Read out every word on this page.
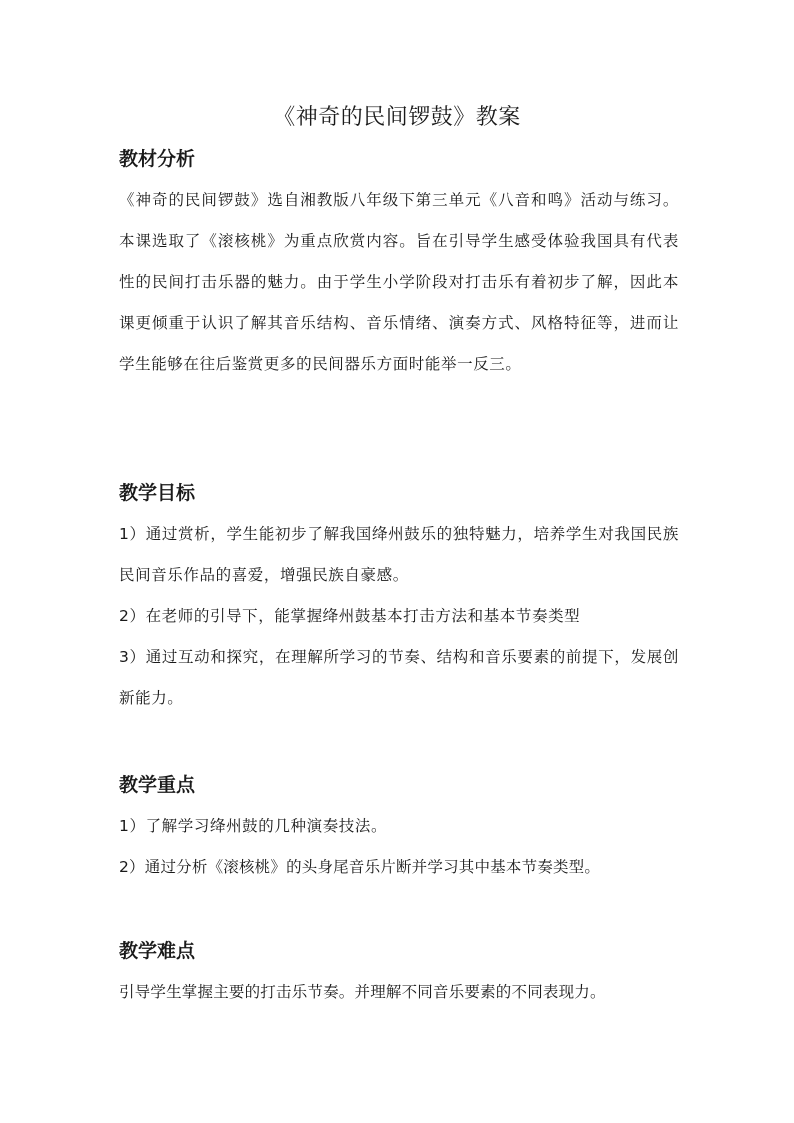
《神奇的民间锣鼓》教案
教材分析

《神奇的民间锣鼓》选自湘教版八年级下第三单元《八音和鸣》活动与练习。本课选取了《滚核桃》为重点欣赏内容。旨在引导学生感受体验我国具有代表性的民间打击乐器的魅力。由于学生小学阶段对打击乐有着初步了解，因此本课更倾重于认识了解其音乐结构、音乐情绪、演奏方式、风格特征等，进而让学生能够在往后鉴赏更多的民间器乐方面时能举一反三。

教学目标

1）通过赏析，学生能初步了解我国绛州鼓乐的独特魅力，培养学生对我国民族民间音乐作品的喜爱，增强民族自豪感。

2）在老师的引导下，能掌握绛州鼓基本打击方法和基本节奏类型

3）通过互动和探究，在理解所学习的节奏、结构和音乐要素的前提下，发展创新能力。

教学重点

1）了解学习绛州鼓的几种演奏技法。

2）通过分析《滚核桃》的头身尾音乐片断并学习其中基本节奏类型。

教学难点

引导学生掌握主要的打击乐节奏。并理解不同音乐要素的不同表现力。
